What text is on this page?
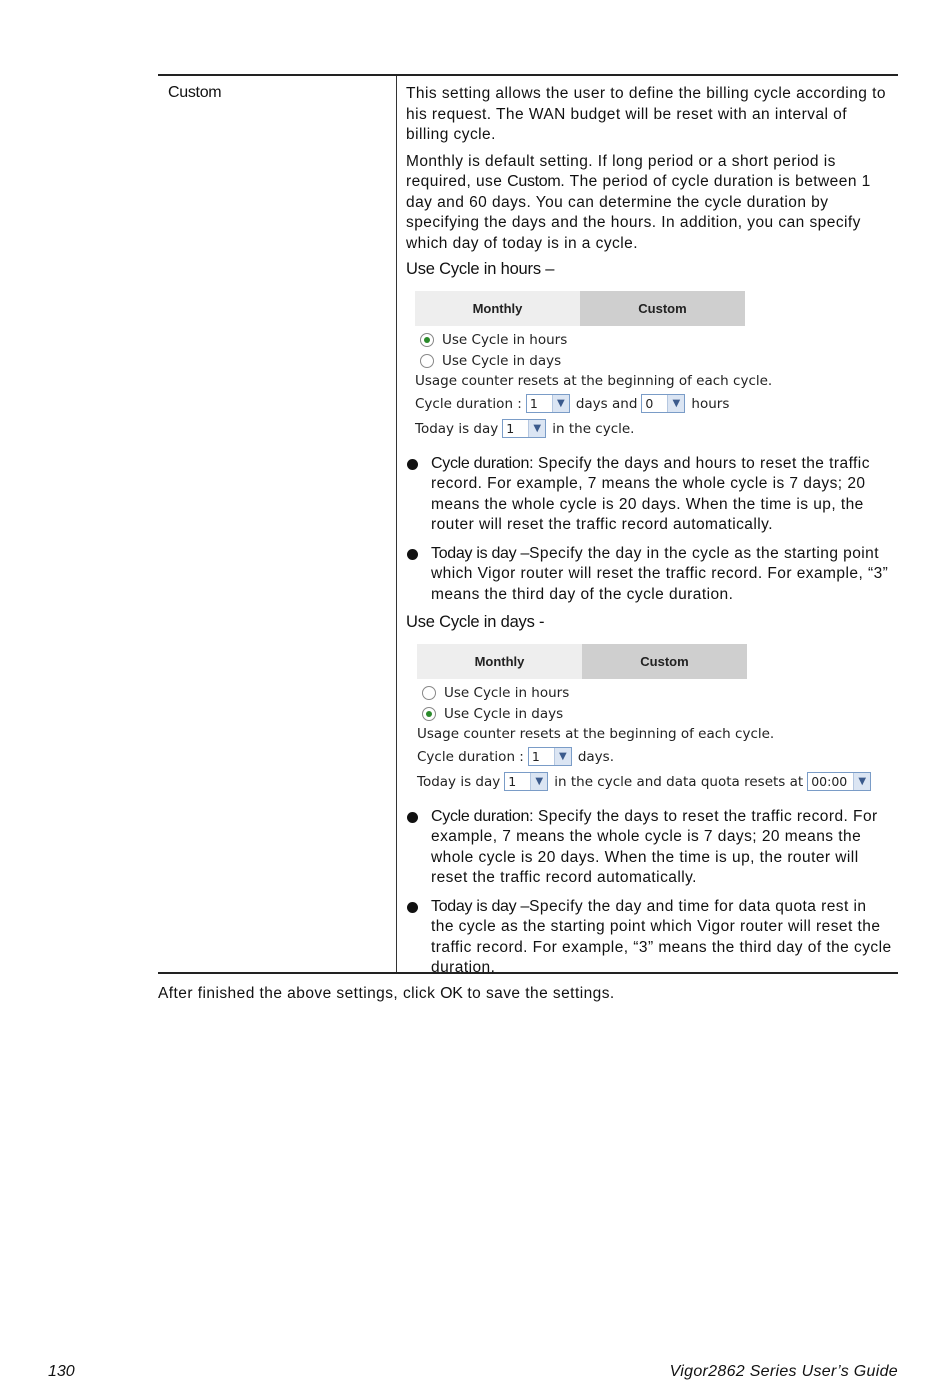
Custom	This setting allows the user to define the billing cycle according to his request. The WAN budget will be reset with an interval of billing cycle.

Monthly is default setting. If long period or a short period is required, use Custom. The period of cycle duration is between 1 day and 60 days. You can determine the cycle duration by specifying the days and the hours. In addition, you can specify which day of today is in a cycle.

Use Cycle in hours –
Monthly	Custom
Use Cycle in hours
Use Cycle in days
Usage counter resets at the beginning of each cycle.
Cycle duration : 1	▼ days and 0	▼ hours
Today is day 1	▼ in the cycle.
Cycle duration: Specify the days and hours to reset the traffic record. For example, 7 means the whole cycle is 7 days; 20 means the whole cycle is 20 days. When the time is up, the router will reset the traffic record automatically.
Today is day –Specify the day in the cycle as the starting point which Vigor router will reset the traffic record. For example, “3” means the third day of the cycle duration.
Use Cycle in days -
Monthly	Custom
Use Cycle in hours
Use Cycle in days
Usage counter resets at the beginning of each cycle.
Cycle duration : 1	▼ days.
Today is day 1	▼ in the cycle and data quota resets at 00:00	▼
Cycle duration: Specify the days to reset the traffic record. For example, 7 means the whole cycle is 7 days; 20 means the whole cycle is 20 days. When the time is up, the router will reset the traffic record automatically.
Today is day –Specify the day and time for data quota rest in the cycle as the starting point which Vigor router will reset the traffic record. For example, “3” means the third day of the cycle duration.

After finished the above settings, click OK to save the settings.

130	Vigor2862 Series User’s Guide
